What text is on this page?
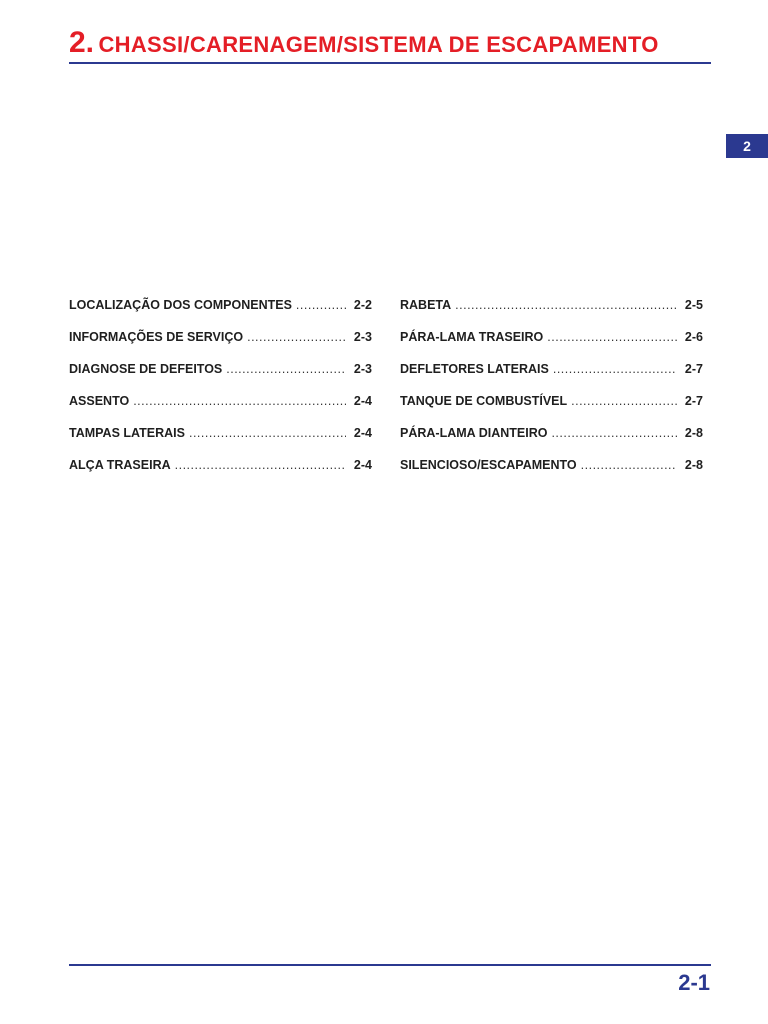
2. CHASSI/CARENAGEM/SISTEMA DE ESCAPAMENTO
2
LOCALIZAÇÃO DOS COMPONENTES .....	2-2
INFORMAÇÕES DE SERVIÇO .....	2-3
DIAGNOSE DE DEFEITOS .....	2-3
ASSENTO .....	2-4
TAMPAS LATERAIS .....	2-4
ALÇA TRASEIRA .....	2-4
RABETA .....	2-5
PÁRA-LAMA TRASEIRO .....	2-6
DEFLETORES LATERAIS .....	2-7
TANQUE DE COMBUSTÍVEL .....	2-7
PÁRA-LAMA DIANTEIRO .....	2-8
SILENCIOSO/ESCAPAMENTO .....	2-8
2-1
